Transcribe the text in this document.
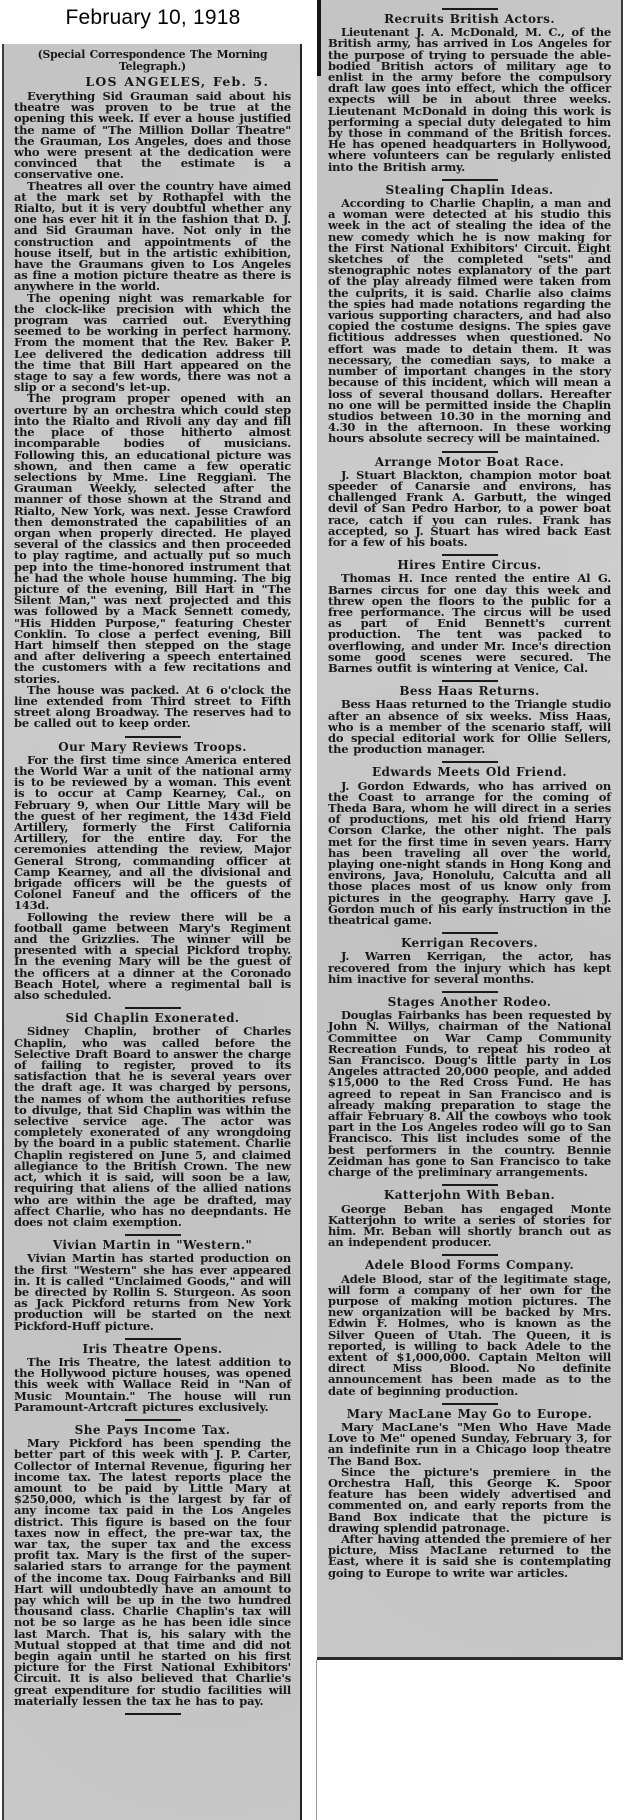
February 10, 1918

(Special Correspondence The Morning Telegraph.)

LOS ANGELES, Feb. 5.

Everything Sid Grauman said about his theatre was proven to be true at the opening this week. If ever a house justified the name of "The Million Dollar Theatre" the Grauman, Los Angeles, does and those who were present at the dedication were convinced that the estimate is a conservative one.

Theatres all over the country have aimed at the mark set by Rothapfel with the Rialto, but it is very doubtful whether any one has ever hit it in the fashion that D. J. and Sid Grauman have. Not only in the construction and appointments of the house itself, but in the artistic exhibition, have the Graumans given to Los Angeles as fine a motion picture theatre as there is anywhere in the world.

The opening night was remarkable for the clock-like precision with which the program was carried out. Everything seemed to be working in perfect harmony. From the moment that the Rev. Baker P. Lee delivered the dedication address till the time that Bill Hart appeared on the stage to say a few words, there was not a slip or a second's let-up.

The program proper opened with an overture by an orchestra which could step into the Rialto and Rivoli any day and fill the place of those hitherto almost incomparable bodies of musicians. Following this, an educational picture was shown, and then came a few operatic selections by Mme. Line Reggiani. The Grauman Weekly, selected after the manner of those shown at the Strand and Rialto, New York, was next. Jesse Crawford then demonstrated the capabilities of an organ when properly directed. He played several of the classics and then proceeded to play ragtime, and actually put so much pep into the time-honored instrument that he had the whole house humming. The big picture of the evening, Bill Hart in "The Silent Man," was next projected and this was followed by a Mack Sennett comedy, "His Hidden Purpose," featuring Chester Conklin. To close a perfect evening, Bill Hart himself then stepped on the stage and after delivering a speech entertained the customers with a few recitations and stories.

The house was packed. At 6 o'clock the line extended from Third street to Fifth street along Broadway. The reserves had to be called out to keep order.

Our Mary Reviews Troops.

For the first time since America entered the World War a unit of the national army is to be reviewed by a woman. This event is to occur at Camp Kearney, Cal., on February 9, when Our Little Mary will be the guest of her regiment, the 143d Field Artillery, formerly the First California Artillery, for the entire day. For the ceremonies attending the review, Major General Strong, commanding officer at Camp Kearney, and all the divisional and brigade officers will be the guests of Colonel Faneuf and the officers of the 143d.

Following the review there will be a football game between Mary's Regiment and the Grizzlies. The winner will be presented with a special Pickford trophy. In the evening Mary will be the guest of the officers at a dinner at the Coronado Beach Hotel, where a regimental ball is also scheduled.

Sid Chaplin Exonerated.

Sidney Chaplin, brother of Charles Chaplin, who was called before the Selective Draft Board to answer the charge of failing to register, proved to its satisfaction that he is several years over the draft age. It was charged by persons, the names of whom the authorities refuse to divulge, that Sid Chaplin was within the selective service age. The actor was completely exonerated of any wrongdoing by the board in a public statement. Charlie Chaplin registered on June 5, and claimed allegiance to the British Crown. The new act, which it is said, will soon be a law, requiring that aliens of the allied nations who are within the age be drafted, may affect Charlie, who has no deepndants. He does not claim exemption.

Vivian Martin in "Western."

Vivian Martin has started production on the first "Western" she has ever appeared in. It is called "Unclaimed Goods," and will be directed by Rollin S. Sturgeon. As soon as Jack Pickford returns from New York production will be started on the next Pickford-Huff picture.

Iris Theatre Opens.

The Iris Theatre, the latest addition to the Hollywood picture houses, was opened this week with Wallace Reid in "Nan of Music Mountain." The house will run Paramount-Artcraft pictures exclusively.

She Pays Income Tax.

Mary Pickford has been spending the better part of this week with J. P. Carter, Collector of Internal Revenue, figuring her income tax. The latest reports place the amount to be paid by Little Mary at $250,000, which is the largest by far of any income tax paid in the Los Angeles district. This figure is based on the four taxes now in effect, the pre-war tax, the war tax, the super tax and the excess profit tax. Mary is the first of the super-salaried stars to arrange for the payment of the income tax. Doug Fairbanks and Bill Hart will undoubtedly have an amount to pay which will be up in the two hundred thousand class. Charlie Chaplin's tax will not be so large as he has been idle since last March. That is, his salary with the Mutual stopped at that time and did not begin again until he started on his first picture for the First National Exhibitors' Circuit. It is also believed that Charlie's great expenditure for studio facilities will materially lessen the tax he has to pay.

Recruits British Actors.

Lieutenant J. A. McDonald, M. C., of the British army, has arrived in Los Angeles for the purpose of trying to persuade the able-bodied British actors of military age to enlist in the army before the compulsory draft law goes into effect, which the officer expects will be in about three weeks. Lieutenant McDonald in doing this work is performing a special duty delegated to him by those in command of the British forces. He has opened headquarters in Hollywood, where volunteers can be regularly enlisted into the British army.

Stealing Chaplin Ideas.

According to Charlie Chaplin, a man and a woman were detected at his studio this week in the act of stealing the idea of the new comedy which he is now making for the First National Exhibitors' Circuit. Eight sketches of the completed "sets" and stenographic notes explanatory of the part of the play already filmed were taken from the culprits, it is said. Charlie also claims the spies had made notations regarding the various supporting characters, and had also copied the costume designs. The spies gave fictitious addresses when questioned. No effort was made to detain them. It was necessary, the comedian says, to make a number of important changes in the story because of this incident, which will mean a loss of several thousand dollars. Hereafter no one will be permitted inside the Chaplin studios between 10.30 in the morning and 4.30 in the afternoon. In these working hours absolute secrecy will be maintained.

Arrange Motor Boat Race.

J. Stuart Blackton, champion motor boat speeder of Canarsie and environs, has challenged Frank A. Garbutt, the winged devil of San Pedro Harbor, to a power boat race, catch if you can rules. Frank has accepted, so J. Stuart has wired back East for a few of his boats.

Hires Entire Circus.

Thomas H. Ince rented the entire Al G. Barnes circus for one day this week and threw open the floors to the public for a free performance. The circus will be used as part of Enid Bennett's current production. The tent was packed to overflowing, and under Mr. Ince's direction some good scenes were secured. The Barnes outfit is wintering at Venice, Cal.

Bess Haas Returns.

Bess Haas returned to the Triangle studio after an absence of six weeks. Miss Haas, who is a member of the scenario staff, will do special editorial work for Ollie Sellers, the production manager.

Edwards Meets Old Friend.

J. Gordon Edwards, who has arrived on the Coast to arrange for the coming of Theda Bara, whom he will direct in a series of productions, met his old friend Harry Corson Clarke, the other night. The pals met for the first time in seven years. Harry has been traveling all over the world, playing one-night stands in Hong Kong and environs, Java, Honolulu, Calcutta and all those places most of us know only from pictures in the geography. Harry gave J. Gordon much of his early instruction in the theatrical game.

Kerrigan Recovers.

J. Warren Kerrigan, the actor, has recovered from the injury which has kept him inactive for several months.

Stages Another Rodeo.

Douglas Fairbanks has been requested by John N. Willys, chairman of the National Committee on War Camp Community Recreation Funds, to repeat his rodeo at San Francisco. Doug's little party in Los Angeles attracted 20,000 people, and added $15,000 to the Red Cross Fund. He has agreed to repeat in San Francisco and is already making preparation to stage the affair February 8. All the cowboys who took part in the Los Angeles rodeo will go to San Francisco. This list includes some of the best performers in the country. Bennie Zeidman has gone to San Francisco to take charge of the preliminary arrangements.

Katterjohn With Beban.

George Beban has engaged Monte Katterjohn to write a series of stories for him. Mr. Beban will shortly branch out as an independent producer.

Adele Blood Forms Company.

Adele Blood, star of the legitimate stage, will form a company of her own for the purpose of making motion pictures. The new organization will be backed by Mrs. Edwin F. Holmes, who is known as the Silver Queen of Utah. The Queen, it is reported, is willing to back Adele to the extent of $1,000,000. Captain Melton will direct Miss Blood. No definite announcement has been made as to the date of beginning production.

Mary MacLane May Go to Europe.

Mary MacLane's "Men Who Have Made Love to Me" opened Sunday, February 3, for an indefinite run in a Chicago loop theatre The Band Box.

Since the picture's premiere in the Orchestra Hall, this George K. Spoor feature has been widely advertised and commented on, and early reports from the Band Box indicate that the picture is drawing splendid patronage.

After having attended the premiere of her picture, Miss MacLane returned to the East, where it is said she is contemplating going to Europe to write war articles.
